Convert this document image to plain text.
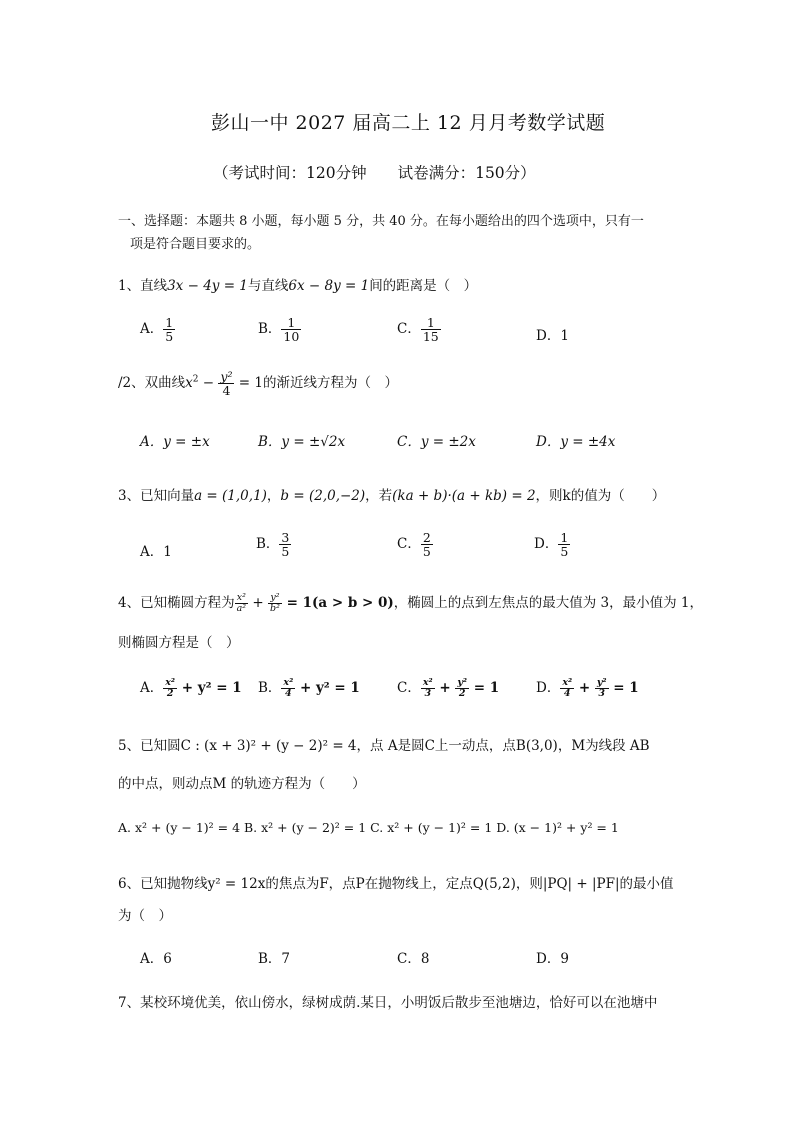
彭山一中 2027 届高二上 12 月月考数学试题
（考试时间：120分钟　　试卷满分：150分）
一、选择题：本题共 8 小题，每小题 5 分，共 40 分。在每小题给出的四个选项中，只有一
项是符合题目要求的。
1、直线3x − 4y = 1与直线6x − 8y = 1间的距离是（　）
A． $\frac{1}{5}$	B． $\frac{1}{10}$	C． $\frac{1}{15}$	D．1
/2、双曲线$x^2 - \frac{\text{y²}}{4} = 1$的渐近线方程为（　）
A．y = ±x	B．y = ±√2x	C．y = ±2x	D．y = ±4x
3、已知向量a = (1,0,1)，b = (2,0,−2)，若(ka + b)·(a + kb) = 2，则k的值为（　　）
A．1	B． $\frac{3}{5}$	C． $\frac{2}{5}$	D． $\frac{1}{5}$
4、已知椭圆方程为 $\frac{\text{x²}}{\text{a²}} + \frac{\text{y²}}{\text{b²}} = 1(a > b > 0)$，椭圆上的点到左焦点的最大值为 3，最小值为 1，
则椭圆方程是（　）
A． $\frac{\text{x²}}{2} + y^2 = 1$ B． $\frac{\text{x²}}{4} + y^2 = 1$	C． $\frac{\text{x²}}{3} + \frac{\text{y²}}{2} = 1$	D． $\frac{\text{x²}}{4} + \frac{\text{y²}}{3} = 1$
5、已知圆C : (x + 3)² + (y − 2)² = 4，点 A是圆C上一动点，点B(3,0)，M为线段 AB
的中点，则动点M 的轨迹方程为（　　）
A. x² + (y − 1)² = 4 B. x² + (y − 2)² = 1 C. x² + (y − 1)² = 1 D. (x − 1)² + y² = 1
6、已知抛物线y² = 12x的焦点为F，点P在抛物线上，定点Q(5,2)，则|PQ| + |PF|的最小值
为（　）
A．6	B．7	C．8	D．9
7、某校环境优美，依山傍水，绿树成荫.某日，小明饭后散步至池塘边，恰好可以在池塘中
